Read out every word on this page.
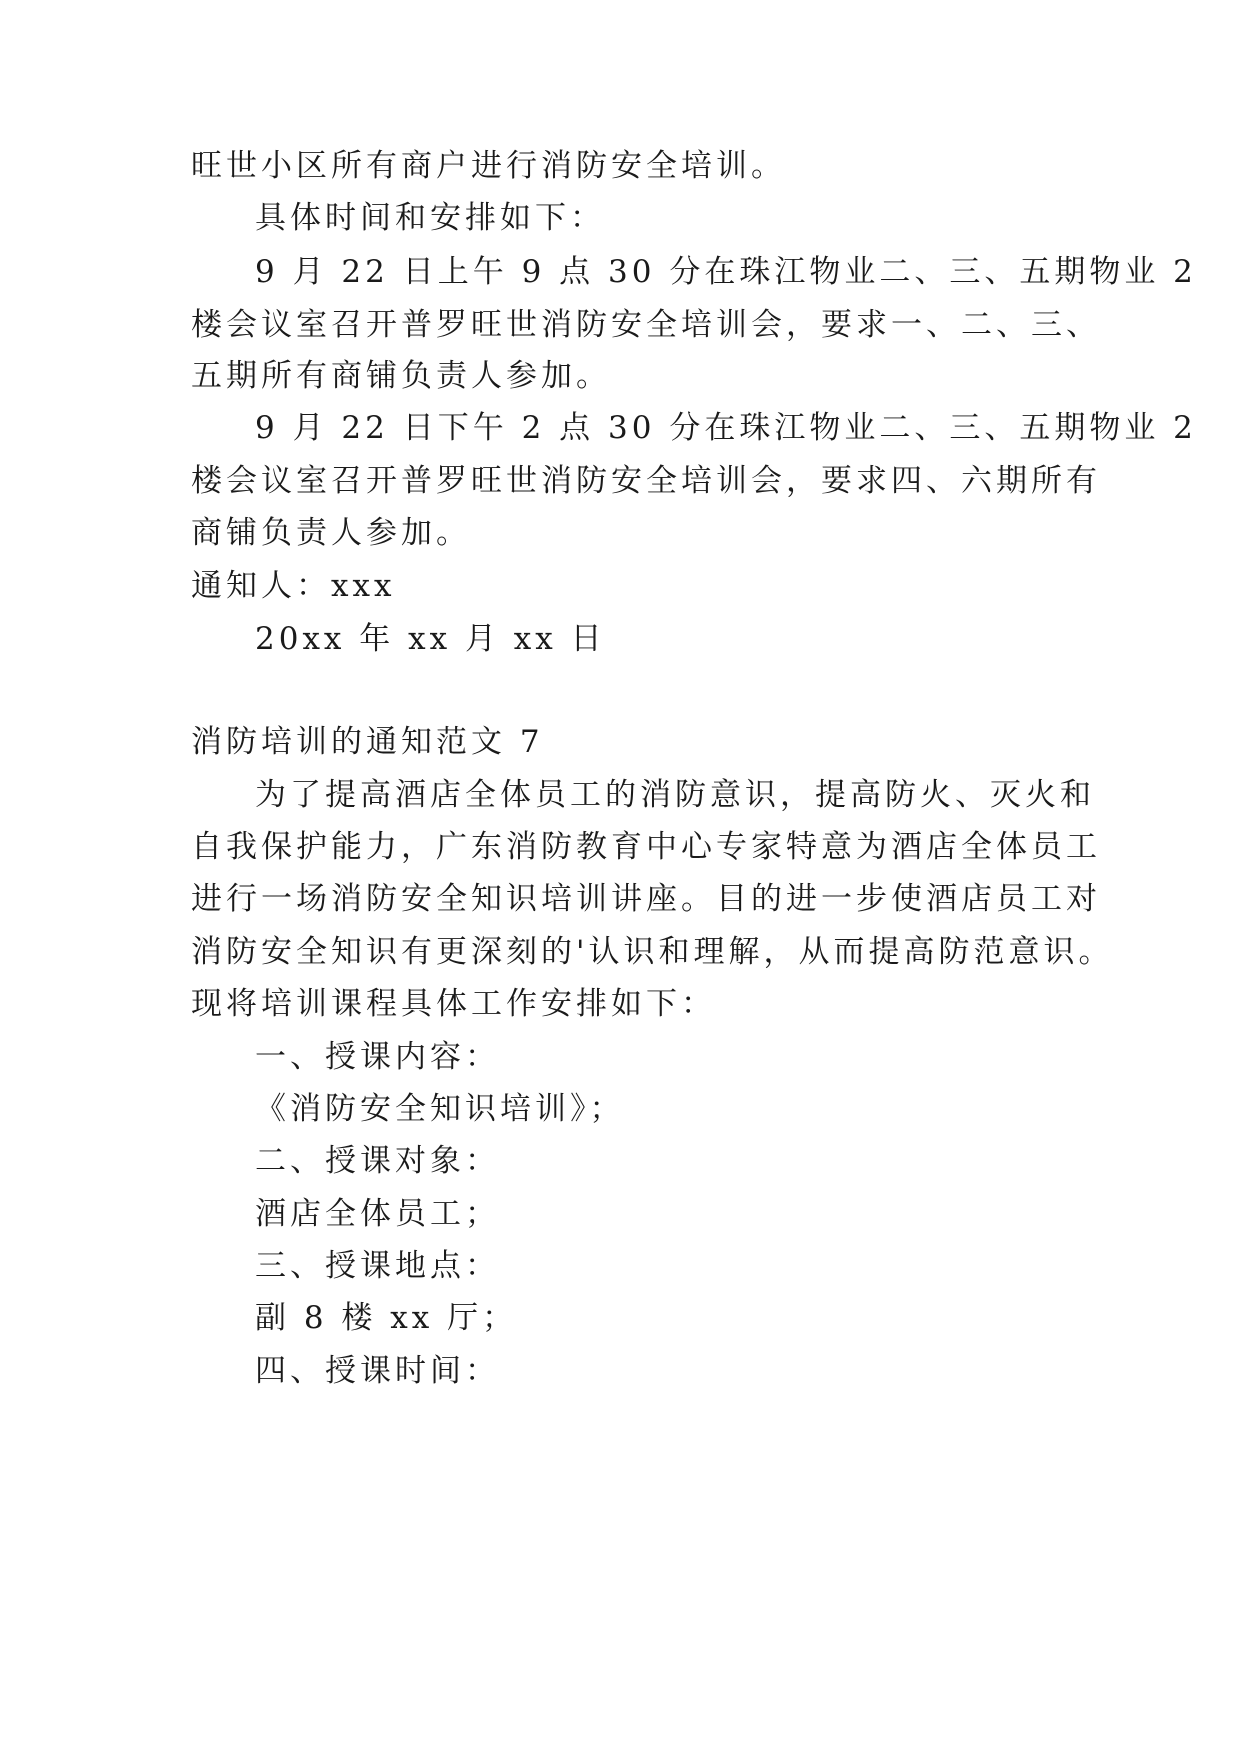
旺世小区所有商户进行消防安全培训。
具体时间和安排如下：
9 月 22 日上午 9 点 30 分在珠江物业二、三、五期物业 2
楼会议室召开普罗旺世消防安全培训会，要求一、二、三、
五期所有商铺负责人参加。
9 月 22 日下午 2 点 30 分在珠江物业二、三、五期物业 2
楼会议室召开普罗旺世消防安全培训会，要求四、六期所有
商铺负责人参加。
通知人：xxx
20xx 年 xx 月 xx 日
消防培训的通知范文 7
为了提高酒店全体员工的消防意识，提高防火、灭火和
自我保护能力，广东消防教育中心专家特意为酒店全体员工
进行一场消防安全知识培训讲座。目的进一步使酒店员工对
消防安全知识有更深刻的'认识和理解，从而提高防范意识。
现将培训课程具体工作安排如下：
一、授课内容：
《消防安全知识培训》；
二、授课对象：
酒店全体员工；
三、授课地点：
副 8 楼 xx 厅；
四、授课时间：
